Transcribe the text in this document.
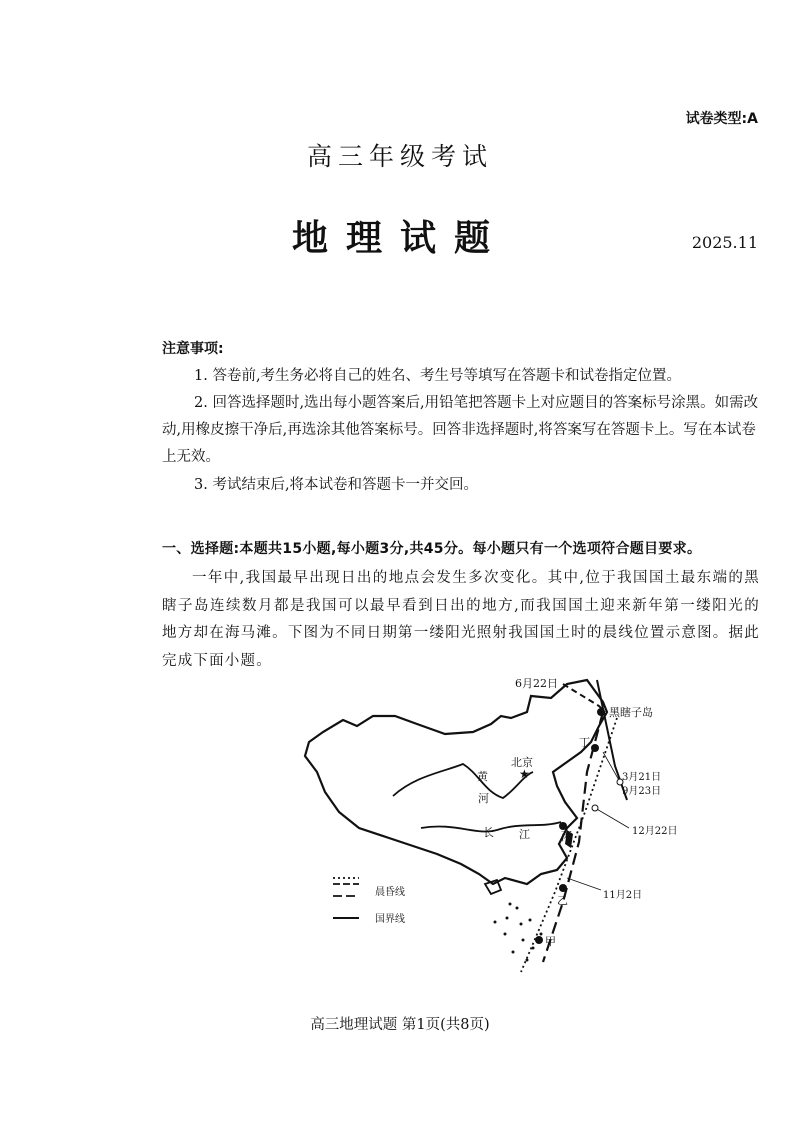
试卷类型:A
高三年级考试
地理试题	2025.11
注意事项:
1. 答卷前,考生务必将自己的姓名、考生号等填写在答题卡和试卷指定位置。
2. 回答选择题时,选出每小题答案后,用铅笔把答题卡上对应题目的答案标号涂黑。如需改动,用橡皮擦干净后,再选涂其他答案标号。回答非选择题时,将答案写在答题卡上。写在本试卷上无效。
3. 考试结束后,将本试卷和答题卡一并交回。
一、选择题:本题共15小题,每小题3分,共45分。每小题只有一个选项符合题目要求。
一年中,我国最早出现日出的地点会发生多次变化。其中,位于我国国土最东端的黑瞎子岛连续数月都是我国可以最早看到日出的地方,而我国国土迎来新年第一缕阳光的地方却在海马滩。下图为不同日期第一缕阳光照射我国国土时的晨线位置示意图。据此完成下面小题。
★
6月22日
黑瞎子岛
丁
北京
黄
河
长 江	丙
3月21日
9月23日
12月22日
11月2日
乙
甲
晨昏线
国界线
高三地理试题 第1页(共8页)
